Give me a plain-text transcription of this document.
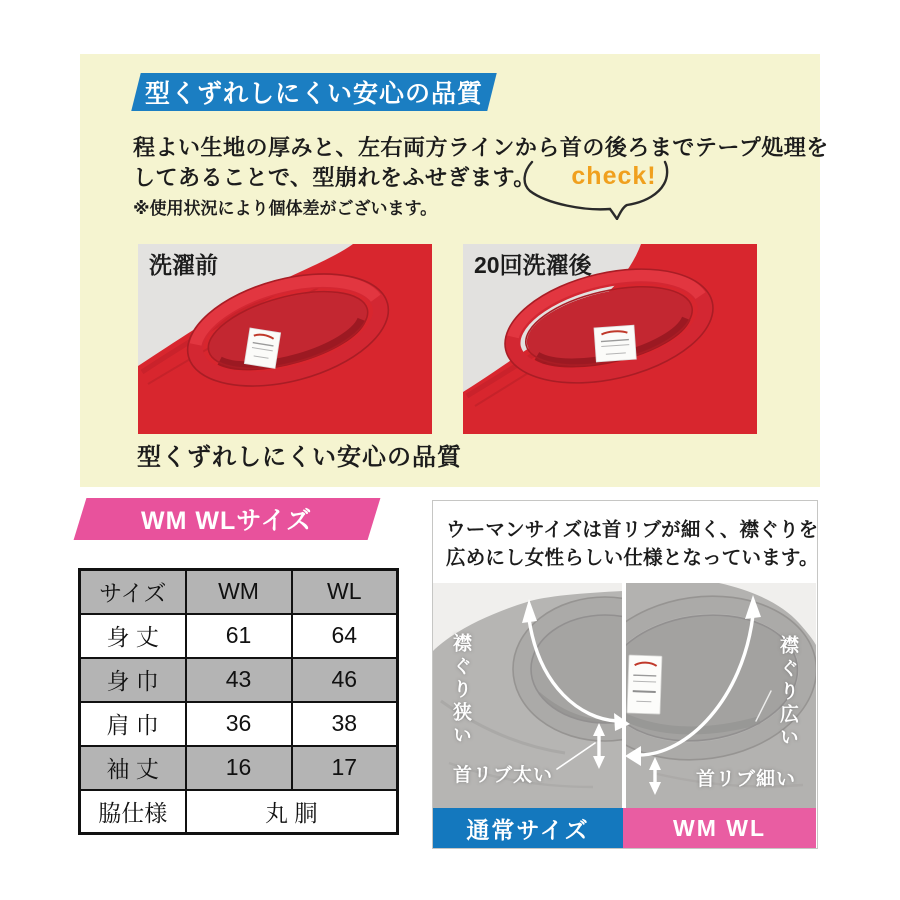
型くずれしにくい安心の品質
程よい生地の厚みと、左右両方ラインから首の後ろまでテープ処理を
してあることで、型崩れをふせぎます。
※使用状況により個体差がございます。
check!
洗濯前	20回洗濯後
型くずれしにくい安心の品質
WM WLサイズ
サイズ	WM	WL
身 丈	61	64
身 巾	43	46
肩 巾	36	38
袖 丈	16	17
脇仕様	丸 胴	
ウーマンサイズは首リブが細く、襟ぐりを
広めにし女性らしい仕様となっています。
襟ぐり狭い	襟ぐり広い
首リブ太い	首リブ細い
通常サイズ	WM WL
